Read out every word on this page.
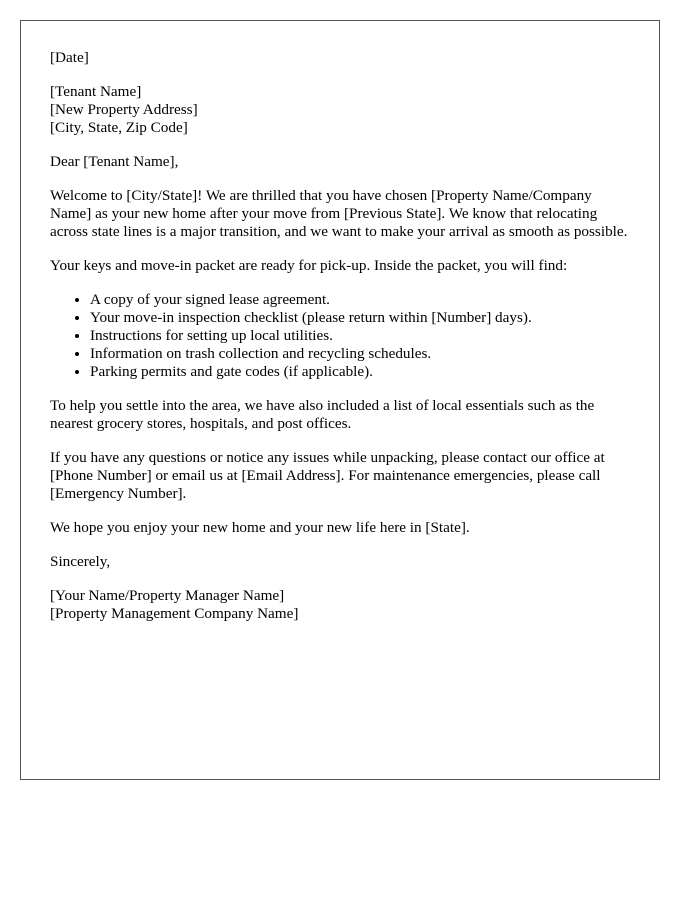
[Date]

[Tenant Name]
[New Property Address]
[City, State, Zip Code]

Dear [Tenant Name],

Welcome to [City/State]! We are thrilled that you have chosen [Property Name/Company Name] as your new home after your move from [Previous State]. We know that relocating across state lines is a major transition, and we want to make your arrival as smooth as possible.

Your keys and move-in packet are ready for pick-up. Inside the packet, you will find:

• A copy of your signed lease agreement.
• Your move-in inspection checklist (please return within [Number] days).
• Instructions for setting up local utilities.
• Information on trash collection and recycling schedules.
• Parking permits and gate codes (if applicable).

To help you settle into the area, we have also included a list of local essentials such as the nearest grocery stores, hospitals, and post offices.

If you have any questions or notice any issues while unpacking, please contact our office at [Phone Number] or email us at [Email Address]. For maintenance emergencies, please call [Emergency Number].

We hope you enjoy your new home and your new life here in [State].

Sincerely,

[Your Name/Property Manager Name]
[Property Management Company Name]
